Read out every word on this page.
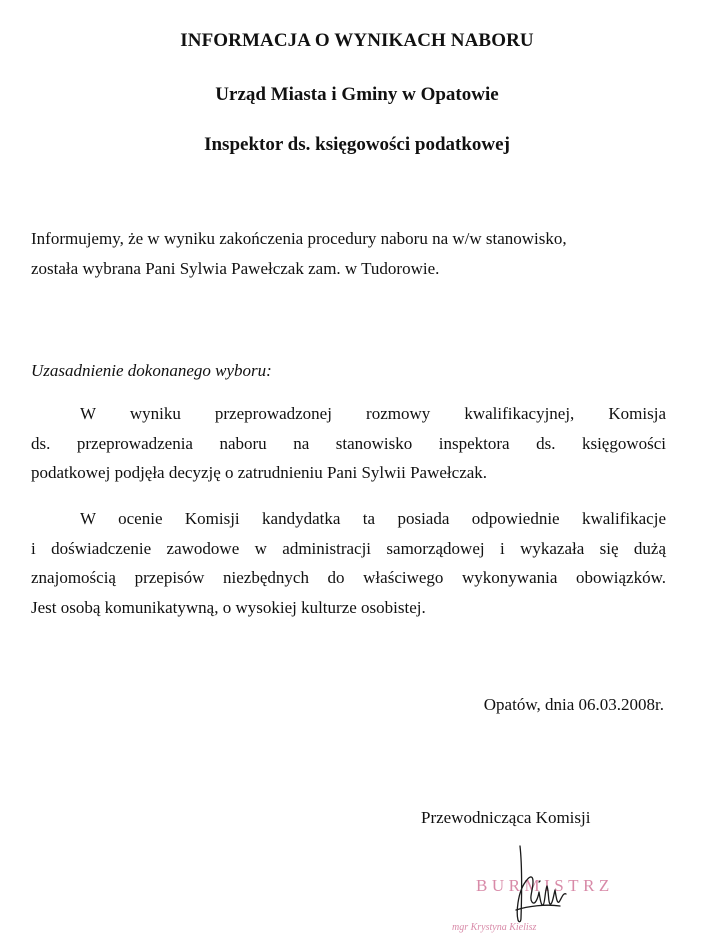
INFORMACJA O WYNIKACH NABORU
Urząd Miasta i Gminy w Opatowie
Inspektor ds. księgowości podatkowej
Informujemy, że w wyniku zakończenia procedury naboru na w/w stanowisko,
została wybrana Pani Sylwia Pawełczak zam. w Tudorowie.
Uzasadnienie dokonanego wyboru:
W wyniku przeprowadzonej rozmowy kwalifikacyjnej, Komisja
ds. przeprowadzenia naboru na stanowisko inspektora ds. księgowości
podatkowej podjęła decyzję o zatrudnieniu Pani Sylwii Pawełczak.
W ocenie Komisji kandydatka ta posiada odpowiednie kwalifikacje
i doświadczenie zawodowe w administracji samorządowej i wykazała się dużą
znajomością przepisów niezbędnych do właściwego wykonywania obowiązków.
Jest osobą komunikatywną, o wysokiej kulturze osobistej.
Opatów, dnia 06.03.2008r.
Przewodnicząca Komisji
BURMISTRZ
mgr Krystyna Kielisz
